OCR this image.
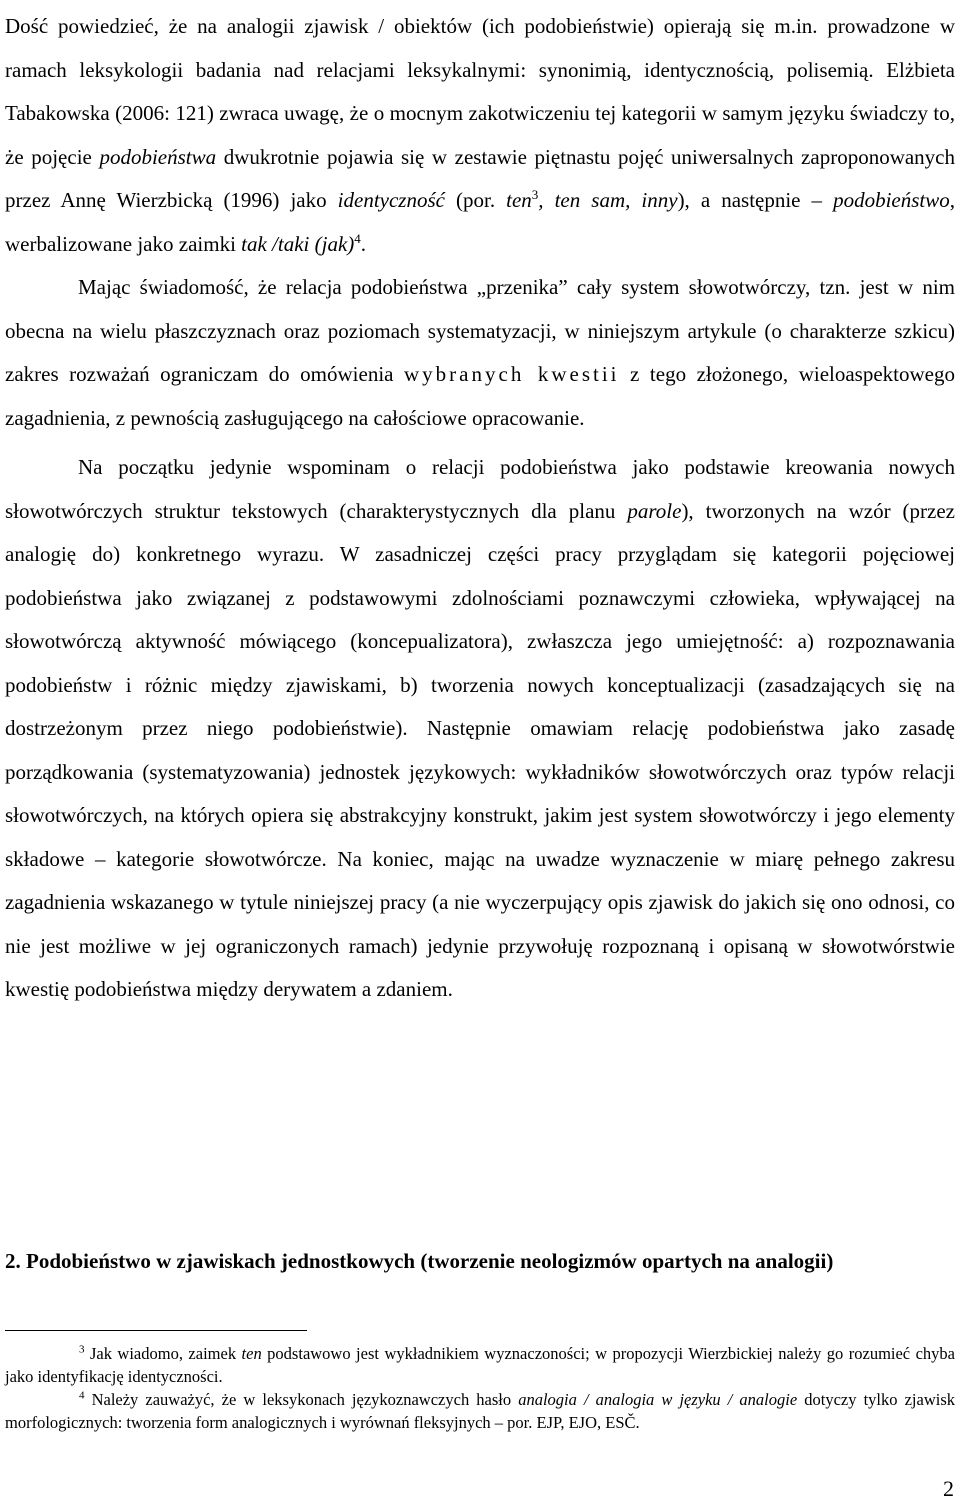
Dość powiedzieć, że na analogii zjawisk / obiektów (ich podobieństwie) opierają się m.in. prowadzone w ramach leksykologii badania nad relacjami leksykalnymi: synonimią, identycznością, polisemią. Elżbieta Tabakowska (2006: 121) zwraca uwagę, że o mocnym zakotwiczeniu tej kategorii w samym języku świadczy to, że pojęcie podobieństwa dwukrotnie pojawia się w zestawie piętnastu pojęć uniwersalnych zaproponowanych przez Annę Wierzbicką (1996) jako identyczność (por. ten$^3$, ten sam, inny), a następnie – podobieństwo, werbalizowane jako zaimki tak /taki (jak)$^4$.

Mając świadomość, że relacja podobieństwa „przenika” cały system słowotwórczy, tzn. jest w nim obecna na wielu płaszczyznach oraz poziomach systematyzacji, w niniejszym artykule (o charakterze szkicu) zakres rozważań ograniczam do omówienia wybranych kwestii z tego złożonego, wieloaspektowego zagadnienia, z pewnością zasługującego na całościowe opracowanie.

Na początku jedynie wspominam o relacji podobieństwa jako podstawie kreowania nowych słowotwórczych struktur tekstowych (charakterystycznych dla planu parole), tworzonych na wzór (przez analogię do) konkretnego wyrazu. W zasadniczej części pracy przyglądam się kategorii pojęciowej podobieństwa jako związanej z podstawowymi zdolnościami poznawczymi człowieka, wpływającej na słowotwórczą aktywność mówiącego (koncepualizatora), zwłaszcza jego umiejętność: a) rozpoznawania podobieństw i różnic między zjawiskami, b) tworzenia nowych konceptualizacji (zasadzających się na dostrzeżonym przez niego podobieństwie). Następnie omawiam relację podobieństwa jako zasadę porządkowania (systematyzowania) jednostek językowych: wykładników słowotwórczych oraz typów relacji słowotwórczych, na których opiera się abstrakcyjny konstrukt, jakim jest system słowotwórczy i jego elementy składowe – kategorie słowotwórcze. Na koniec, mając na uwadze wyznaczenie w miarę pełnego zakresu zagadnienia wskazanego w tytule niniejszej pracy (a nie wyczerpujący opis zjawisk do jakich się ono odnosi, co nie jest możliwe w jej ograniczonych ramach) jedynie przywołuję rozpoznaną i opisaną w słowotwórstwie kwestię podobieństwa między derywatem a zdaniem.

2. Podobieństwo w zjawiskach jednostkowych (tworzenie neologizmów opartych na analogii)

$^3$ Jak wiadomo, zaimek ten podstawowo jest wykładnikiem wyznaczoności; w propozycji Wierzbickiej należy go rozumieć chyba jako identyfikację identyczności.

$^4$ Należy zauważyć, że w leksykonach językoznawczych hasło analogia / analogia w języku / analogie dotyczy tylko zjawisk morfologicznych: tworzenia form analogicznych i wyrównań fleksyjnych – por. EJP, EJO, ESČ.

2
